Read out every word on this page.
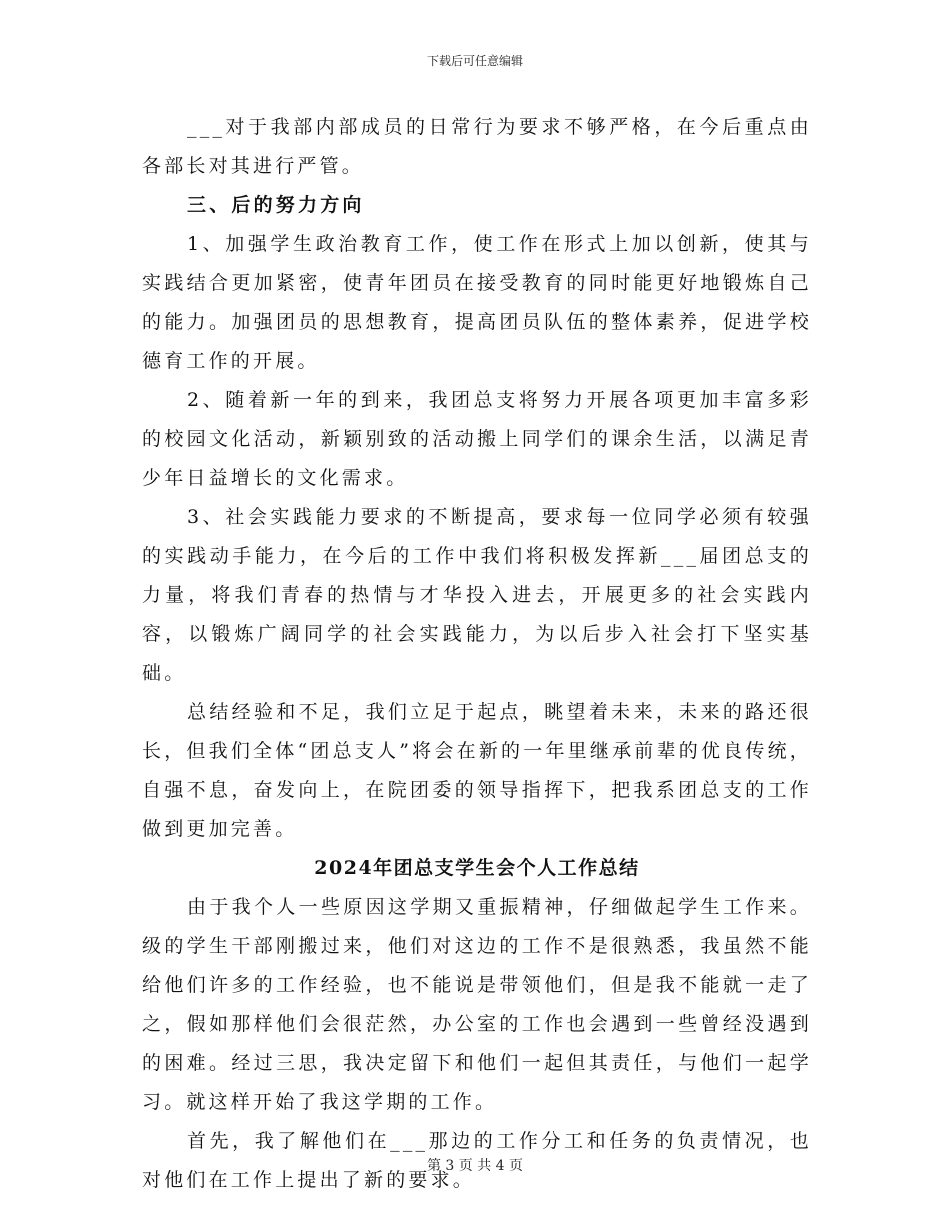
下载后可任意编辑

___对于我部内部成员的日常行为要求不够严格，在今后重点由各部长对其进行严管。

三、后的努力方向

1、加强学生政治教育工作，使工作在形式上加以创新，使其与实践结合更加紧密，使青年团员在接受教育的同时能更好地锻炼自己的能力。加强团员的思想教育，提高团员队伍的整体素养，促进学校德育工作的开展。

2、随着新一年的到来，我团总支将努力开展各项更加丰富多彩的校园文化活动，新颖别致的活动搬上同学们的课余生活，以满足青少年日益增长的文化需求。

3、社会实践能力要求的不断提高，要求每一位同学必须有较强的实践动手能力，在今后的工作中我们将积极发挥新___届团总支的力量，将我们青春的热情与才华投入进去，开展更多的社会实践内容，以锻炼广阔同学的社会实践能力，为以后步入社会打下坚实基础。

总结经验和不足，我们立足于起点，眺望着未来，未来的路还很长，但我们全体“团总支人”将会在新的一年里继承前辈的优良传统，自强不息，奋发向上，在院团委的领导指挥下，把我系团总支的工作做到更加完善。

2024年团总支学生会个人工作总结

由于我个人一些原因这学期又重振精神，仔细做起学生工作来。级的学生干部刚搬过来，他们对这边的工作不是很熟悉，我虽然不能给他们许多的工作经验，也不能说是带领他们，但是我不能就一走了之，假如那样他们会很茫然，办公室的工作也会遇到一些曾经没遇到的困难。经过三思，我决定留下和他们一起但其责任，与他们一起学习。就这样开始了我这学期的工作。

首先，我了解他们在___那边的工作分工和任务的负责情况，也对他们在工作上提出了新的要求。

第 3 页 共 4 页
